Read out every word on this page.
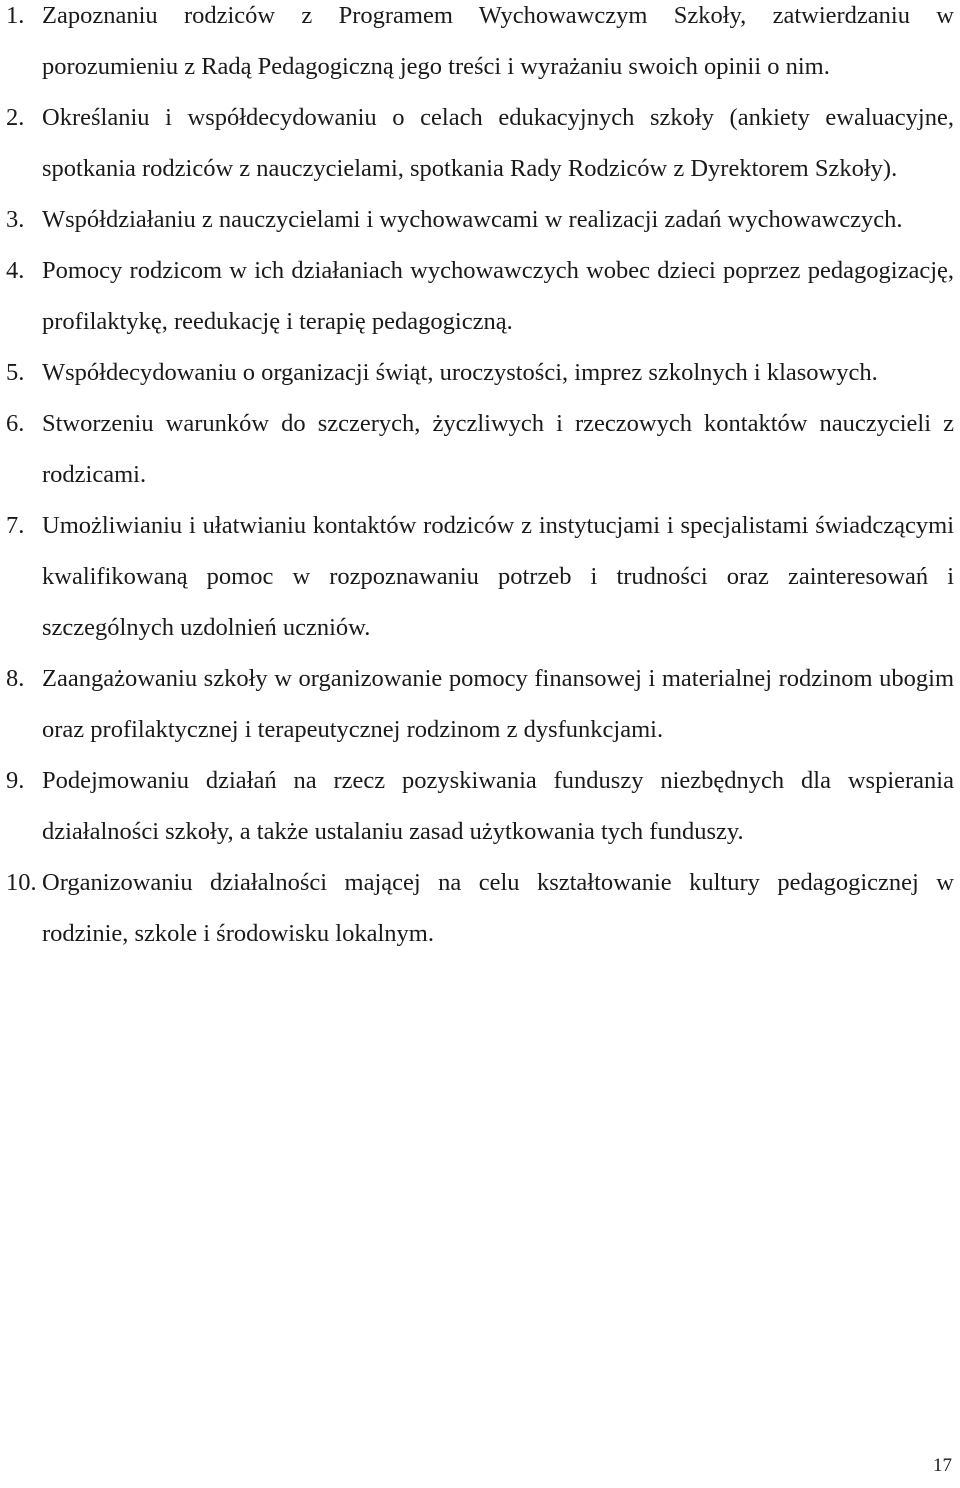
1. Zapoznaniu rodziców z Programem Wychowawczym Szkoły, zatwierdzaniu w porozumieniu z Radą Pedagogiczną jego treści i wyrażaniu swoich opinii o nim.
2. Określaniu i współdecydowaniu o celach edukacyjnych szkoły (ankiety ewaluacyjne, spotkania rodziców z nauczycielami, spotkania Rady Rodziców z Dyrektorem Szkoły).
3. Współdziałaniu z nauczycielami i wychowawcami w realizacji zadań wychowawczych.
4. Pomocy rodzicom w ich działaniach wychowawczych wobec dzieci poprzez pedagogizację, profilaktykę, reedukację i terapię pedagogiczną.
5. Współdecydowaniu o organizacji świąt, uroczystości, imprez szkolnych i klasowych.
6. Stworzeniu warunków do szczerych, życzliwych i rzeczowych kontaktów nauczycieli z rodzicami.
7. Umożliwianiu i ułatwianiu kontaktów rodziców z instytucjami i specjalistami świadczącymi kwalifikowaną pomoc w rozpoznawaniu potrzeb i trudności oraz zainteresowań i szczególnych uzdolnień uczniów.
8. Zaangażowaniu szkoły w organizowanie pomocy finansowej i materialnej rodzinom ubogim oraz profilaktycznej i terapeutycznej rodzinom z dysfunkcjami.
9. Podejmowaniu działań na rzecz pozyskiwania funduszy niezbędnych dla wspierania działalności szkoły, a także ustalaniu zasad użytkowania tych funduszy.
10. Organizowaniu działalności mającej na celu kształtowanie kultury pedagogicznej w rodzinie, szkole i środowisku lokalnym.
17
